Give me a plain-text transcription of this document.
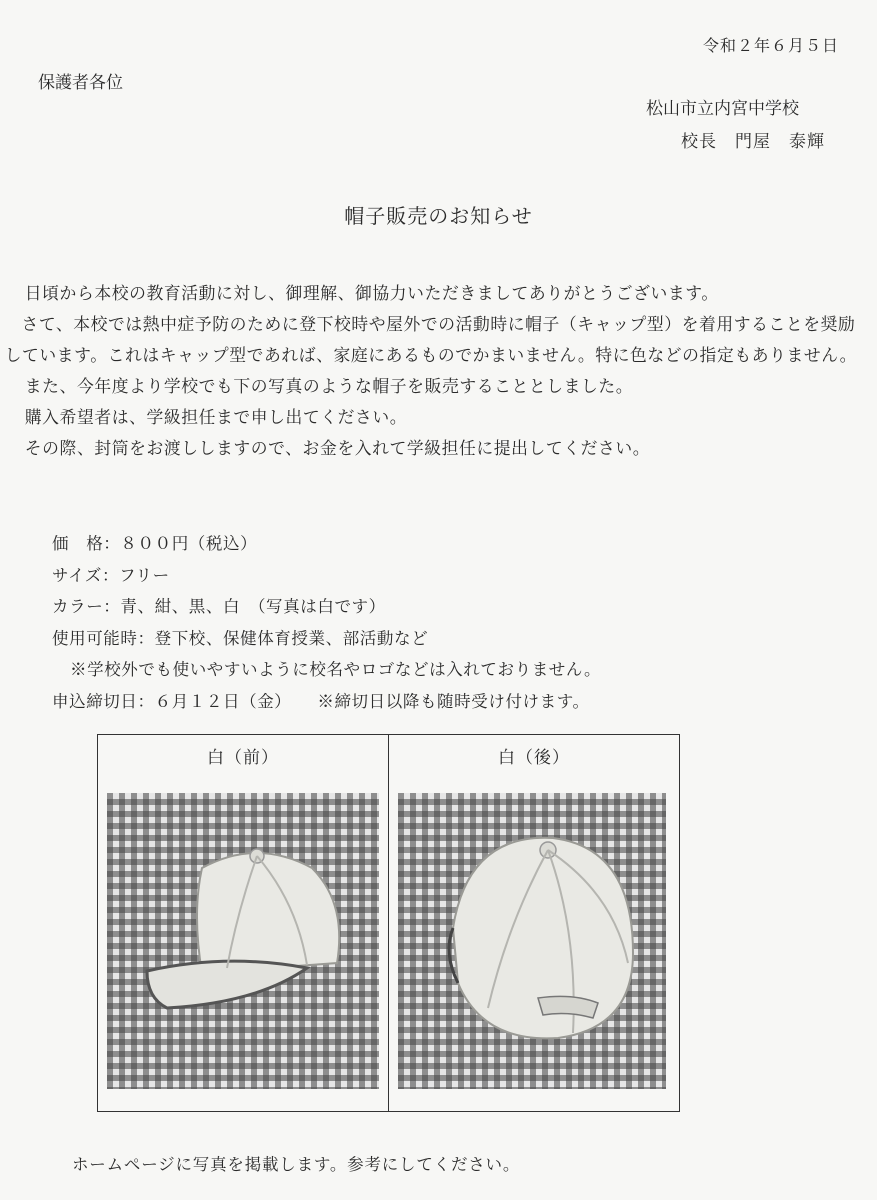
令和２年６月５日
保護者各位
松山市立内宮中学校
校長　門屋　泰輝
帽子販売のお知らせ

日頃から本校の教育活動に対し、御理解、御協力いただきましてありがとうございます。

さて、本校では熱中症予防のために登下校時や屋外での活動時に帽子（キャップ型）を着用することを奨励しています。これはキャップ型であれば、家庭にあるものでかまいません。特に色などの指定もありません。

また、今年度より学校でも下の写真のような帽子を販売することとしました。

購入希望者は、学級担任まで申し出てください。

その際、封筒をお渡ししますので、お金を入れて学級担任に提出してください。

価　格：８００円（税込）
サイズ：フリー
カラー：青、紺、黒、白　（写真は白です）
使用可能時：登下校、保健体育授業、部活動など
※学校外でも使いやすいように校名やロゴなどは入れておりません。
申込締切日：６月１２日（金）　　※締切日以降も随時受け付けます。
白（前）	白（後）
ホームページに写真を掲載します。参考にしてください。
